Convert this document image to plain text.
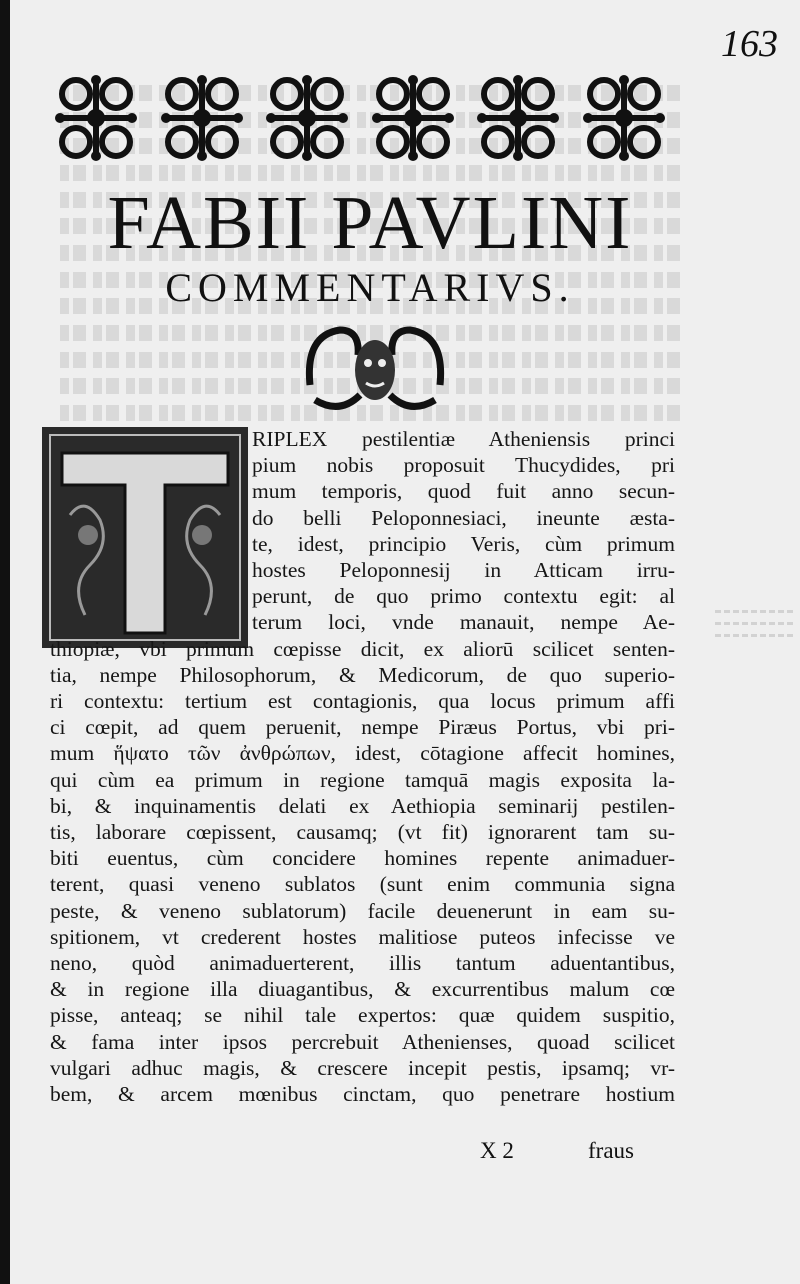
163
FABII PAVLINI
COMMENTARIVS.
RIPLEX pestilentiæ Atheniensis princi
pium nobis proposuit Thucydides, pri
mum temporis, quod fuit anno secun-
do belli Peloponnesiaci, ineunte æsta-
te, idest, principio Veris, cùm primum
hostes Peloponnesij in Atticam irru-
perunt, de quo primo contextu egit: al
terum loci, vnde manauit, nempe Ae-
thiopiæ, vbi primum cœpisse dicit, ex aliorū scilicet senten-
tia, nempe Philosophorum, & Medicorum, de quo superio-
ri contextu: tertium est contagionis, qua locus primum affi
ci cœpit, ad quem peruenit, nempe Piræus Portus, vbi pri-
mum ἥψατο τῶν ἀνθρώπων, idest, cōtagione affecit homines,
qui cùm ea primum in regione tamquā magis exposita la-
bi, & inquinamentis delati ex Aethiopia seminarij pestilen-
tis, laborare cœpissent, causamq; (vt fit) ignorarent tam su-
biti euentus, cùm concidere homines repente animaduer-
terent, quasi veneno sublatos (sunt enim communia signa
peste, & veneno sublatorum) facile deuenerunt in eam su-
spitionem, vt crederent hostes malitiose puteos infecisse ve
neno, quòd animaduerterent, illis tantum aduentantibus,
& in regione illa diuagantibus, & excurrentibus malum cœ
pisse, anteaq; se nihil tale expertos: quæ quidem suspitio,
& fama inter ipsos percrebuit Athenienses, quoad scilicet
vulgari adhuc magis, & crescere incepit pestis, ipsamq; vr-
bem, & arcem mœnibus cinctam, quo penetrare hostium
X 2	fraus
